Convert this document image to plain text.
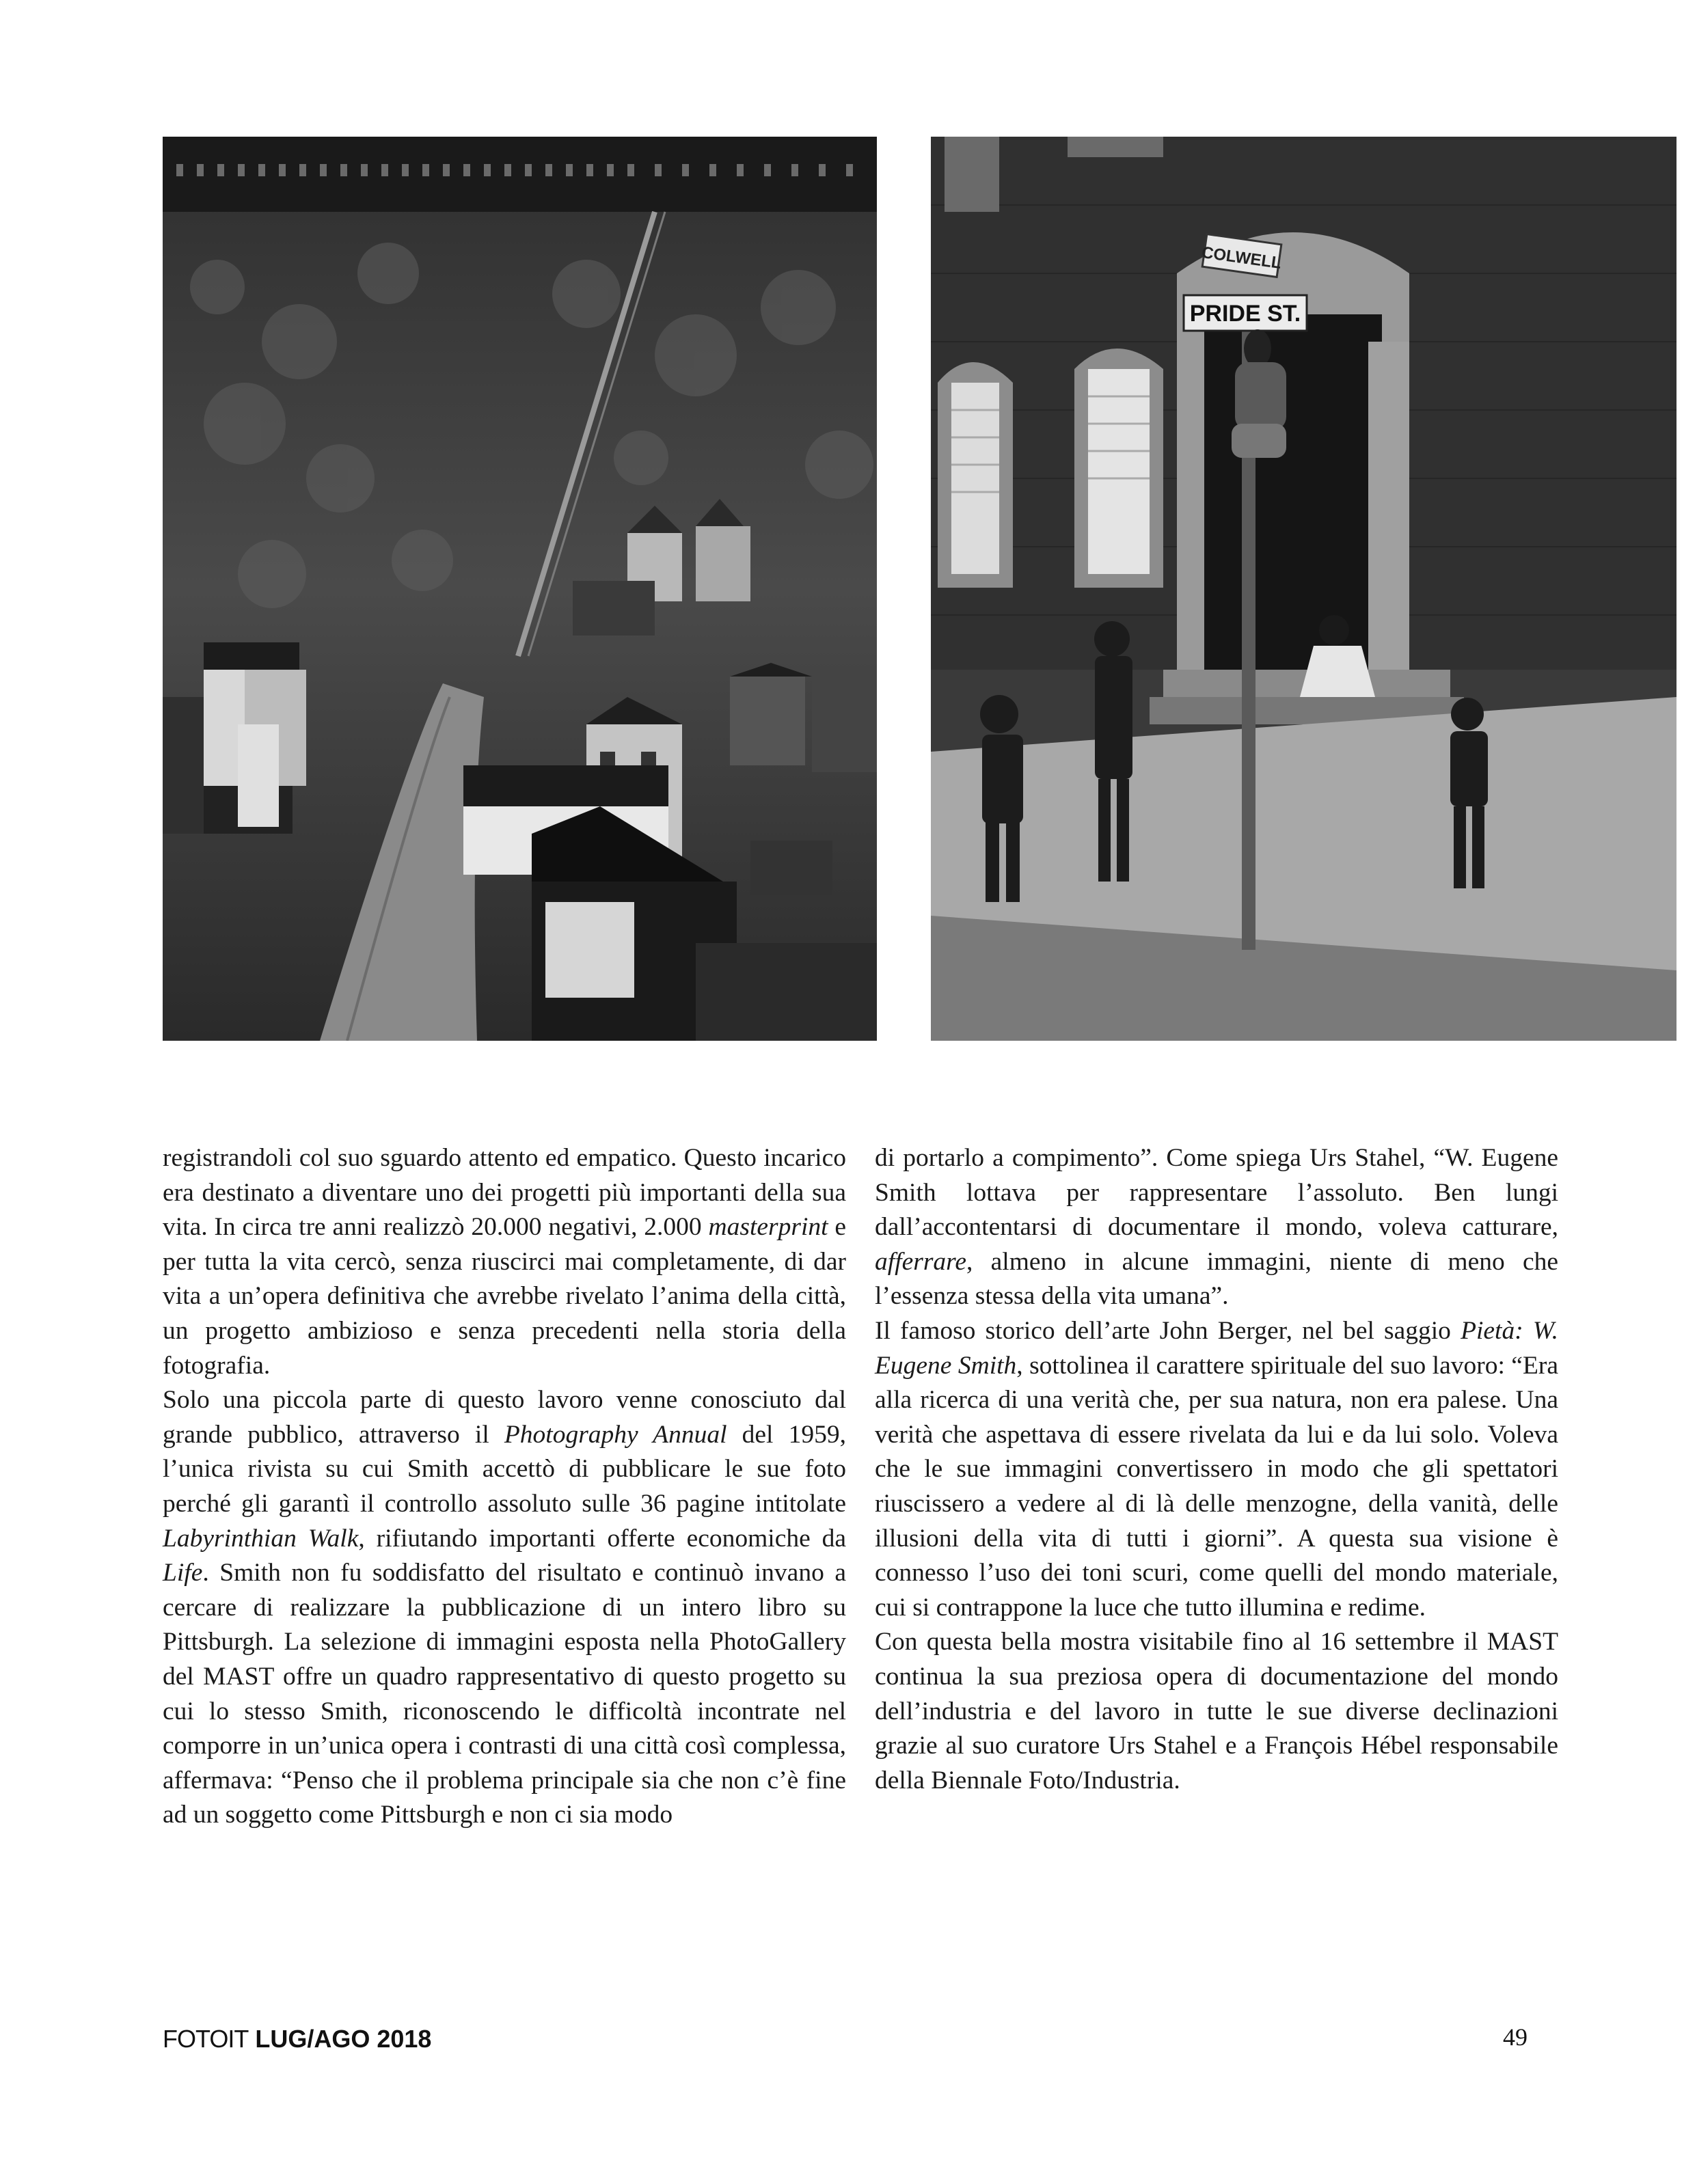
COLWELL
PRIDE ST.

registrandoli col suo sguardo attento ed empatico. Questo incarico era destinato a diventare uno dei progetti più importanti della sua vita. In circa tre anni realizzò 20.000 negativi, 2.000 masterprint e per tutta la vita cercò, senza riuscirci mai completamente, di dar vita a un’opera definitiva che avrebbe rivelato l’anima della città, un progetto ambizioso e senza precedenti nella storia della fotografia.

Solo una piccola parte di questo lavoro venne conosciuto dal grande pubblico, attraverso il Photography Annual del 1959, l’unica rivista su cui Smith accettò di pubblicare le sue foto perché gli garantì il controllo assoluto sulle 36 pagine intitolate Labyrinthian Walk, rifiutando importanti offerte economiche da Life. Smith non fu soddisfatto del risultato e continuò invano a cercare di realizzare la pubblicazione di un intero libro su Pittsburgh. La selezione di immagini esposta nella PhotoGallery del MAST offre un quadro rappresentativo di questo progetto su cui lo stesso Smith, riconoscendo le difficoltà incontrate nel comporre in un’unica opera i contrasti di una città così complessa, affermava: “Penso che il problema principale sia che non c’è fine ad un soggetto come Pittsburgh e non ci sia modo

di portarlo a compimento”. Come spiega Urs Stahel, “W. Eugene Smith lottava per rappresentare l’assoluto. Ben lungi dall’accontentarsi di documentare il mondo, voleva catturare, afferrare, almeno in alcune immagini, niente di meno che l’essenza stessa della vita umana”.

Il famoso storico dell’arte John Berger, nel bel saggio Pietà: W. Eugene Smith, sottolinea il carattere spirituale del suo lavoro: “Era alla ricerca di una verità che, per sua natura, non era palese. Una verità che aspettava di essere rivelata da lui e da lui solo. Voleva che le sue immagini convertissero in modo che gli spettatori riuscissero a vedere al di là delle menzogne, della vanità, delle illusioni della vita di tutti i giorni”. A questa sua visione è connesso l’uso dei toni scuri, come quelli del mondo materiale, cui si contrappone la luce che tutto illumina e redime.

Con questa bella mostra visitabile fino al 16 settembre il MAST continua la sua preziosa opera di documentazione del mondo dell’industria e del lavoro in tutte le sue diverse declinazioni grazie al suo curatore Urs Stahel e a François Hébel responsabile della Biennale Foto/Industria.

FOTOIT LUG/AGO 2018	49
